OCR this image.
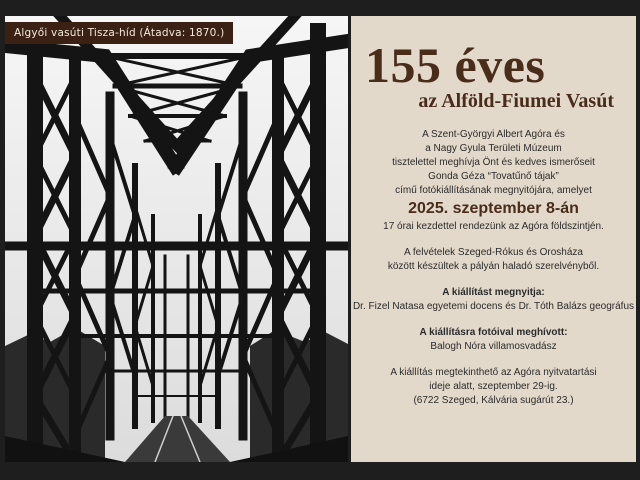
Algyői vasúti Tisza-híd (Átadva: 1870.)
155 éves
az Alföld-Fiumei Vasút

A Szent-Györgyi Albert Agóra és

a Nagy Gyula Területi Múzeum

tisztelettel meghívja Önt és kedves ismerőseit

Gonda Géza “Tovatűnő tájak”

című fotókiállításának megnyitójára, amelyet

2025. szeptember 8-án

17 órai kezdettel rendezünk az Agóra földszintjén.

A felvételek Szeged-Rókus és Orosháza

között készültek a pályán haladó szerelvényből.

A kiállítást megnyitja:

Dr. Fizel Natasa egyetemi docens és Dr. Tóth Balázs geográfus

A kiállításra fotóival meghívott:

Balogh Nóra villamosvadász

A kiállítás megtekinthető az Agóra nyitvatartási

ideje alatt, szeptember 29-ig.

(6722 Szeged, Kálvária sugárút 23.)
